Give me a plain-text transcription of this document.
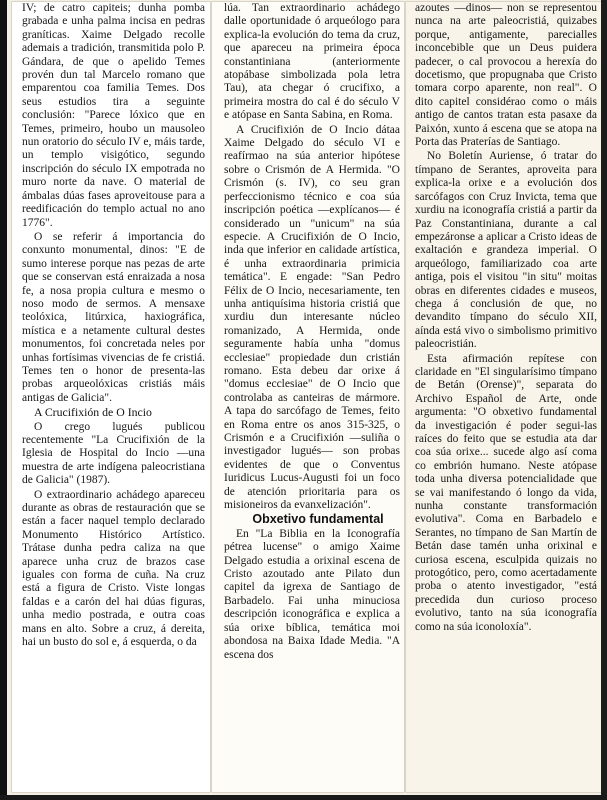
IV; de catro capiteis; dunha pomba grabada e unha palma incisa en pedras graníticas. Xaime Delgado recolle ademais a tradición, transmitida polo P. Gándara, de que o apelido Temes provén dun tal Marcelo romano que emparentou coa familia Temes. Dos seus estudios tira a seguinte conclusión: "Parece lóxico que en Temes, primeiro, houbo un mausoleo nun oratorio do século IV e, máis tarde, un templo visigótico, segundo inscripción do século IX empotrada no muro norte da nave. O material de ámbalas dúas fases aproveitouse para a reedificación do templo actual no ano 1776".

O se referir á importancia do conxunto monumental, dinos: "E de sumo interese porque nas pezas de arte que se conservan está enraizada a nosa fe, a nosa propia cultura e mesmo o noso modo de sermos. A mensaxe teolóxica, litúrxica, haxiográfica, mística e a netamente cultural destes monumentos, foi concretada neles por unhas fortísimas vivencias de fe cristiá. Temes ten o honor de presenta-las probas arqueolóxicas cristiás máis antigas de Galicia".

A Crucifixión de O Incio

O crego lugués publicou recentemente "La Crucifixión de la Iglesia de Hospital do Incio —una muestra de arte indígena paleocristiana de Galicia" (1987).

O extraordinario achádego apareceu durante as obras de restauración que se están a facer naquel templo declarado Monumento Histórico Artístico. Trátase dunha pedra caliza na que aparece unha cruz de brazos case iguales con forma de cuña. Na cruz está a figura de Cristo. Viste longas faldas e a carón del hai dúas figuras, unha medio postrada, e outra coas mans en alto. Sobre a cruz, á dereita, hai un busto do sol e, á esquerda, o da

lúa. Tan extraordinario achádego dalle oportunidade ó arqueólogo para explica-la evolución do tema da cruz, que apareceu na primeira época constantiniana (anteriormente atopábase simbolizada pola letra Tau), ata chegar ó crucifixo, a primeira mostra do cal é do século V e atópase en Santa Sabina, en Roma.

A Crucifixión de O Incio dátaa Xaime Delgado do século VI e reafírmao na súa anterior hipótese sobre o Crismón de A Hermida. "O Crismón (s. IV), co seu gran perfeccionismo técnico e coa súa inscripción poética —explícanos— é considerado un "unicum" na súa especie. A Crucifixión de O Incio, inda que inferior en calidade artística, é unha extraordinaria primicia temática". E engade: "San Pedro Félix de O Incio, necesariamente, ten unha antiquísima historia cristiá que xurdiu dun interesante núcleo romanizado, A Hermida, onde seguramente había unha "domus ecclesiae" propiedade dun cristián romano. Esta debeu dar orixe á "domus ecclesiae" de O Incio que controlaba as canteiras de mármore. A tapa do sarcófago de Temes, feito en Roma entre os anos 315-325, o Crismón e a Crucifixión —suliña o investigador lugués— son probas evidentes de que o Conventus Iuridicus Lucus-Augusti foi un foco de atención prioritaria para os misioneiros da evanxelización".

Obxetivo fundamental

En "La Biblia en la Iconografía pétrea lucense" o amigo Xaime Delgado estudia a orixinal escena de Cristo azoutado ante Pilato dun capitel da igrexa de Santiago de Barbadelo. Fai unha minuciosa descripción iconográfica e explica a súa orixe bíblica, temática moi abondosa na Baixa Idade Media. "A escena dos

azoutes —dinos— non se representou nunca na arte paleocristiá, quizabes porque, antigamente, parecialles inconcebible que un Deus puidera padecer, o cal provocou a herexía do docetismo, que propugnaba que Cristo tomara corpo aparente, non real". O dito capitel considérao como o máis antigo de cantos tratan esta pasaxe da Paixón, xunto á escena que se atopa na Porta das Praterías de Santiago.

No Boletín Auriense, ó tratar do tímpano de Serantes, aproveita para explica-la orixe e a evolución dos sarcófagos con Cruz Invicta, tema que xurdiu na iconografía cristiá a partir da Paz Constantiniana, durante a cal empezáronse a aplicar a Cristo ideas de exaltación e grandeza imperial. O arqueólogo, familiarizado coa arte antiga, pois el visitou "in situ" moitas obras en diferentes cidades e museos, chega á conclusión de que, no devandito tímpano do século XII, aínda está vivo o simbolismo primitivo paleocristián.

Esta afirmación repítese con claridade en "El singularísimo tímpano de Betán (Orense)", separata do Archivo Español de Arte, onde argumenta: "O obxetivo fundamental da investigación é poder segui-las raíces do feito que se estudia ata dar coa súa orixe... sucede algo así coma co embrión humano. Neste atópase toda unha diversa potencialidade que se vai manifestando ó longo da vida, nunha constante transformación evolutiva". Coma en Barbadelo e Serantes, no tímpano de San Martín de Betán dase tamén unha orixinal e curiosa escena, esculpida quizais no protogótico, pero, como acertadamente proba o atento investigador, "está precedida dun curioso proceso evolutivo, tanto na súa iconografía como na súa iconoloxía".
